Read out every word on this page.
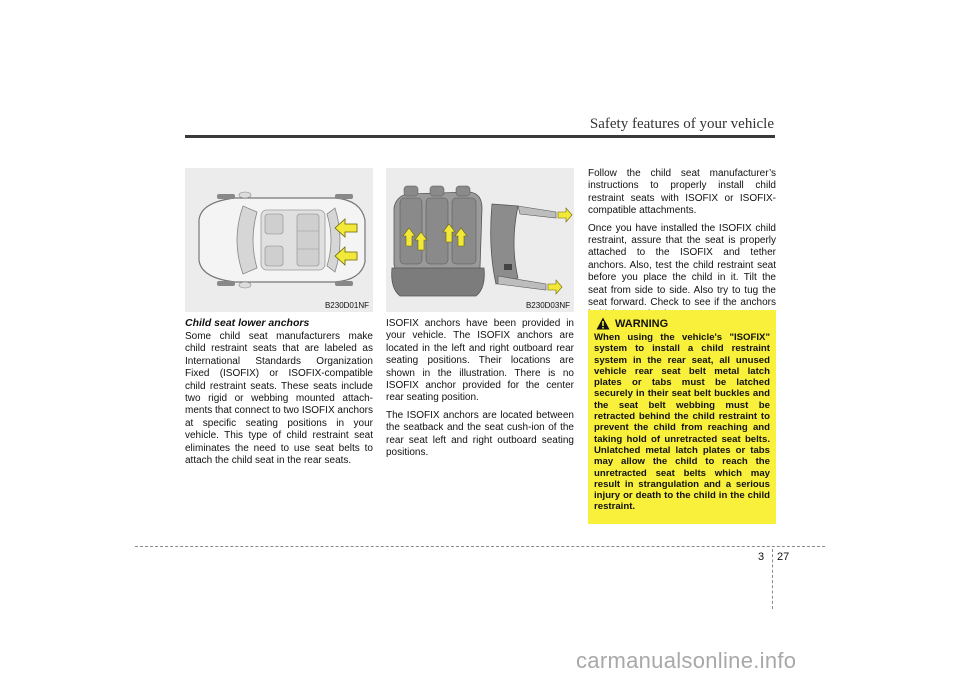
Safety features of your vehicle
B230D01NF
Child seat lower anchors

Some child seat manufacturers make child restraint seats that are labeled as International Standards Organization Fixed (ISOFIX) or ISOFIX-compatible child restraint seats. These seats include two rigid or webbing mounted attach-ments that connect to two ISOFIX anchors at specific seating positions in your vehicle. This type of child restraint seat eliminates the need to use seat belts to attach the child seat in the rear seats.

B230D03NF

ISOFIX anchors have been provided in your vehicle. The ISOFIX anchors are located in the left and right outboard rear seating positions. Their locations are shown in the illustration. There is no ISOFIX anchor provided for the center rear seating position.

The ISOFIX anchors are located between the seatback and the seat cush-ion of the rear seat left and right outboard seating positions.

Follow the child seat manufacturer’s instructions to properly install child restraint seats with ISOFIX or ISOFIX-compatible attachments.

Once you have installed the ISOFIX child restraint, assure that the seat is properly attached to the ISOFIX and tether anchors. Also, test the child restraint seat before you place the child in it. Tilt the seat from side to side. Also try to tug the seat forward. Check to see if the anchors

WARNING

When using the vehicle's "ISOFIX" system to install a child restraint system in the rear seat, all unused vehicle rear seat belt metal latch plates or tabs must be latched securely in their seat belt buckles and the seat belt webbing must be retracted behind the child restraint to prevent the child from reaching and taking hold of unretracted seat belts. Unlatched metal latch plates or tabs may allow the child to reach the unretracted seat belts which may result in strangulation and a serious injury or death to the child in the child restraint.

3 27
carmanualsonline.info
